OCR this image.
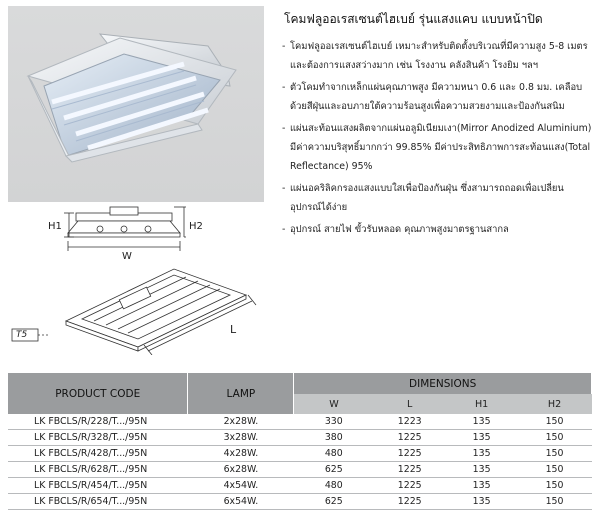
H1	H2
W
L
T5
โคมฟลูออเรสเซนต์ไฮเบย์ รุ่นแสงแคบ แบบหน้าปิด
- โคมฟลูออเรสเซนต์ไฮเบย์ เหมาะสำหรับติดตั้งบริเวณที่มีความสูง 5-8 เมตร และต้องการแสงสว่างมาก เช่น โรงงาน คลังสินค้า โรงยิม ฯลฯ
- ตัวโคมทำจากเหล็กแผ่นคุณภาพสูง มีความหนา 0.6 และ 0.8 มม. เคลือบด้วยสีฝุ่นและอบภายใต้ความร้อนสูงเพื่อความสวยงามและป้องกันสนิม
- แผ่นสะท้อนแสงผลิตจากแผ่นอลูมิเนียมเงา(Mirror Anodized Aluminium) มีค่าความบริสุทธิ์มากกว่า 99.85% มีค่าประสิทธิภาพการสะท้อนแสง(Total Reflectance) 95%
- แผ่นอคริลิคกรองแสงแบบใสเพื่อป้องกันฝุ่น ซึ่งสามารถถอดเพื่อเปลี่ยนอุปกรณ์ได้ง่าย
- อุปกรณ์ สายไฟ ขั้วรับหลอด คุณภาพสูงมาตรฐานสากล
PRODUCT CODE	LAMP	DIMENSIONS			
		W	L	H1	H2
LK FBCLS/R/228/T.../95N	2x28W.	330	1223	135	150
LK FBCLS/R/328/T.../95N	3x28W.	380	1225	135	150
LK FBCLS/R/428/T.../95N	4x28W.	480	1225	135	150
LK FBCLS/R/628/T.../95N	6x28W.	625	1225	135	150
LK FBCLS/R/454/T.../95N	4x54W.	480	1225	135	150
LK FBCLS/R/654/T.../95N	6x54W.	625	1225	135	150
